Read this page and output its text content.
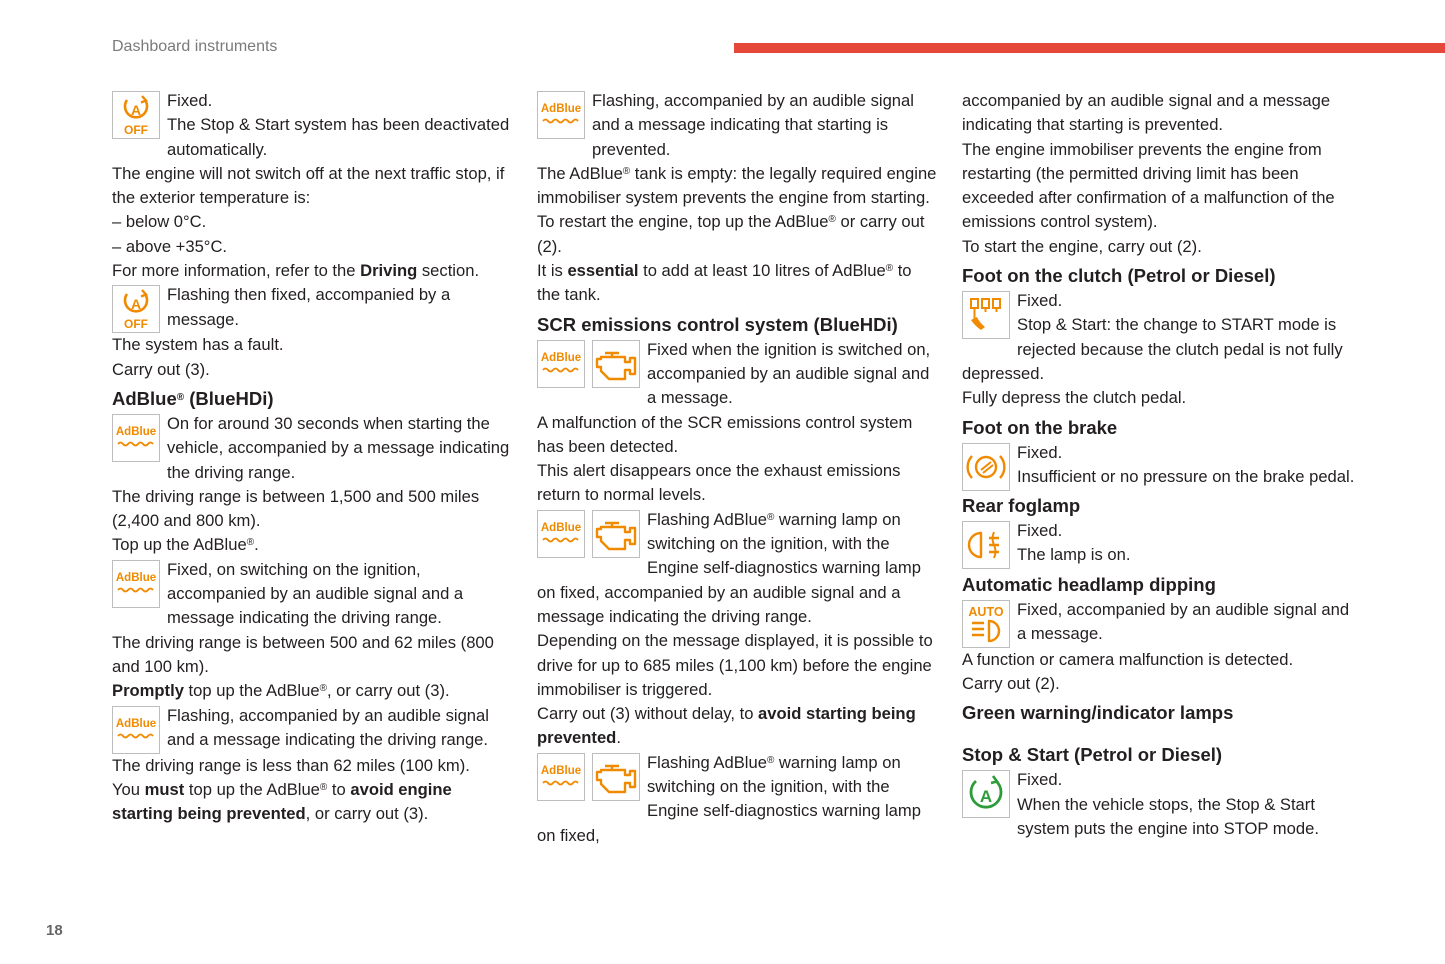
Dashboard instruments
18
A
OFF

Fixed.

The Stop & Start system has been deactivated automatically.

The engine will not switch off at the next traffic stop, if the exterior temperature is:

– below 0°C.

– above +35°C.

For more information, refer to the Driving section.

A
OFF

Flashing then fixed, accompanied by a message.

The system has a fault.

Carry out (3).

AdBlue® (BlueHDi)
AdBlue On for around 30 seconds when starting the vehicle, accompanied by a message indicating the driving range.

The driving range is between 1,500 and 500 miles (2,400 and 800 km).

Top up the AdBlue®.

AdBlue Fixed, on switching on the ignition, accompanied by an audible signal and a message indicating the driving range.

The driving range is between 500 and 62 miles (800 and 100 km).

Promptly top up the AdBlue®, or carry out (3).

AdBlue Flashing, accompanied by an audible signal and a message indicating the driving range.

The driving range is less than 62 miles (100 km).

You must top up the AdBlue® to avoid engine starting being prevented, or carry out (3).

AdBlue Flashing, accompanied by an audible signal and a message indicating that starting is prevented.

The AdBlue® tank is empty: the legally required engine immobiliser system prevents the engine from starting.

To restart the engine, top up the AdBlue® or carry out (2).

It is essential to add at least 10 litres of AdBlue® to the tank.

SCR emissions control system (BlueHDi)
AdBlue	Fixed when the ignition is switched on, accompanied by an audible signal and a message.

A malfunction of the SCR emissions control system has been detected.

This alert disappears once the exhaust emissions return to normal levels.

AdBlue	Flashing AdBlue® warning lamp on switching on the ignition, with the Engine self-diagnostics warning lamp on fixed, accompanied by an audible signal and a message indicating the driving range.

Depending on the message displayed, it is possible to drive for up to 685 miles (1,100 km) before the engine immobiliser is triggered.

Carry out (3) without delay, to avoid starting being prevented.

AdBlue	Flashing AdBlue® warning lamp on switching on the ignition, with the Engine self-diagnostics warning lamp on fixed,

accompanied by an audible signal and a message indicating that starting is prevented.

The engine immobiliser prevents the engine from restarting (the permitted driving limit has been exceeded after confirmation of a malfunction of the emissions control system).

To start the engine, carry out (2).

Foot on the clutch (Petrol or Diesel)

Fixed.

Stop & Start: the change to START mode is rejected because the clutch pedal is not fully depressed.

Fully depress the clutch pedal.

Foot on the brake

Fixed.

Insufficient or no pressure on the brake pedal.

Rear foglamp

Fixed.

The lamp is on.

Automatic headlamp dipping
AUTO Fixed, accompanied by an audible signal and a message.

A function or camera malfunction is detected.

Carry out (2).

Green warning/indicator lamps
Stop & Start (Petrol or Diesel)
A

Fixed.

When the vehicle stops, the Stop & Start system puts the engine into STOP mode.
